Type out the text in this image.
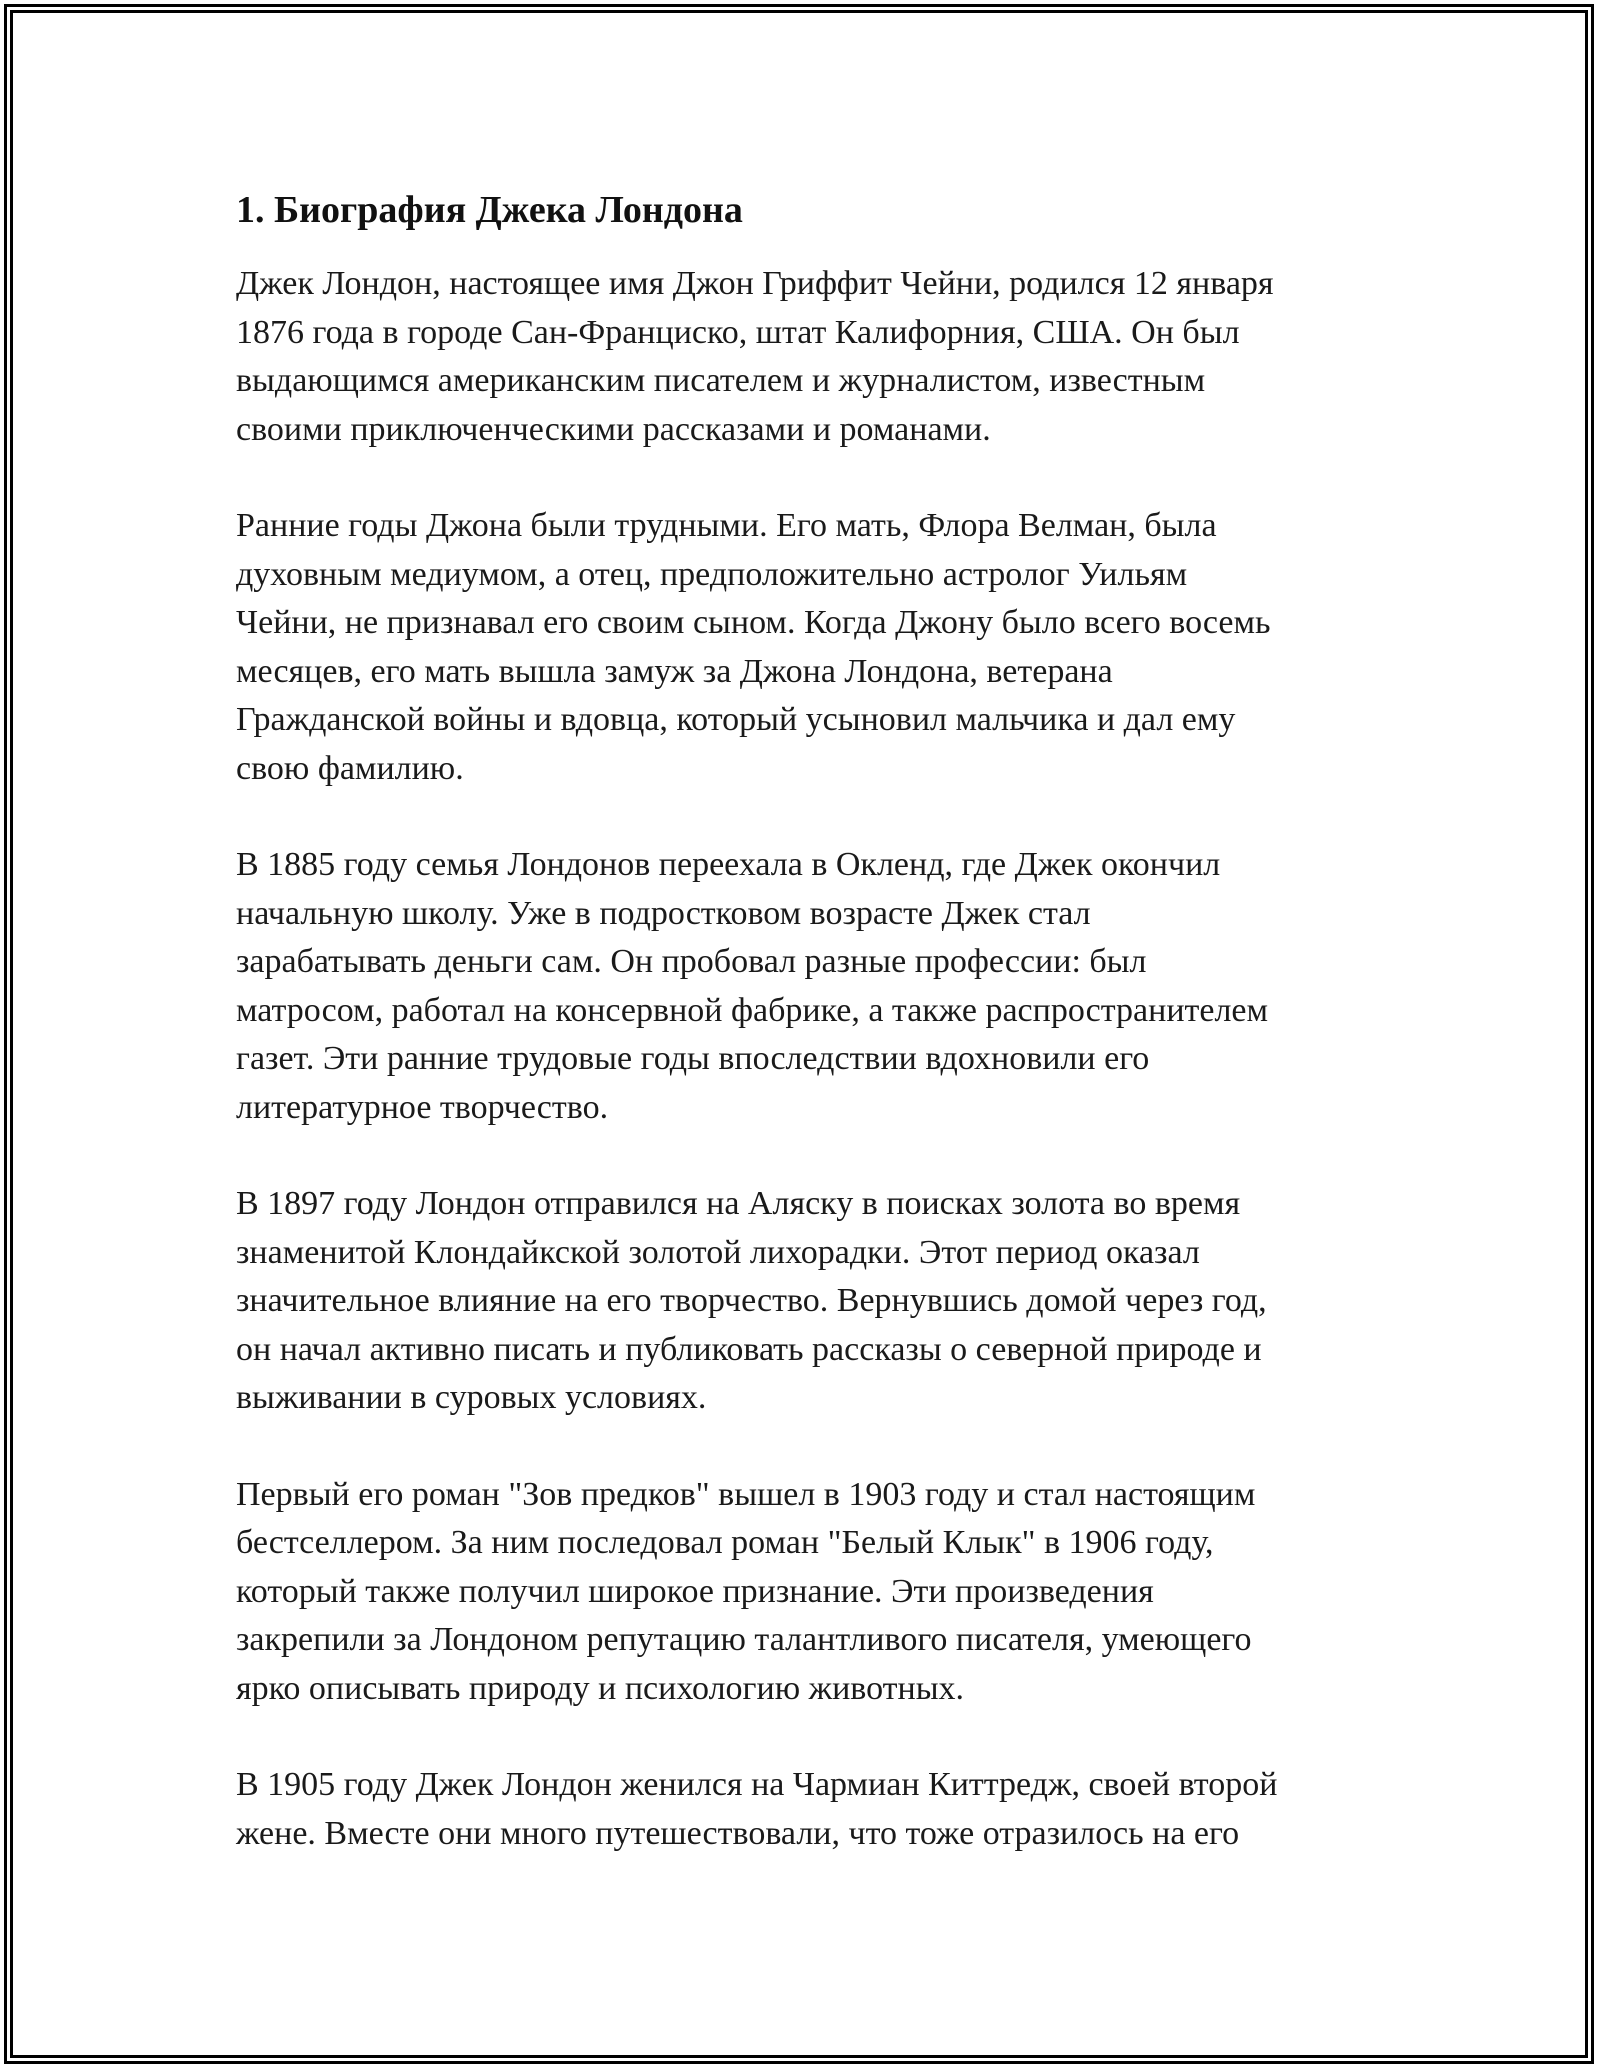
1. Биография Джека Лондона

Джек Лондон, настоящее имя Джон Гриффит Чейни, родился 12 января
1876 года в городе Сан-Франциско, штат Калифорния, США. Он был
выдающимся американским писателем и журналистом, известным
своими приключенческими рассказами и романами.

Ранние годы Джона были трудными. Его мать, Флора Велман, была
духовным медиумом, а отец, предположительно астролог Уильям
Чейни, не признавал его своим сыном. Когда Джону было всего восемь
месяцев, его мать вышла замуж за Джона Лондона, ветерана
Гражданской войны и вдовца, который усыновил мальчика и дал ему
свою фамилию.

В 1885 году семья Лондонов переехала в Окленд, где Джек окончил
начальную школу. Уже в подростковом возрасте Джек стал
зарабатывать деньги сам. Он пробовал разные профессии: был
матросом, работал на консервной фабрике, а также распространителем
газет. Эти ранние трудовые годы впоследствии вдохновили его
литературное творчество.

В 1897 году Лондон отправился на Аляску в поисках золота во время
знаменитой Клондайкской золотой лихорадки. Этот период оказал
значительное влияние на его творчество. Вернувшись домой через год,
он начал активно писать и публиковать рассказы о северной природе и
выживании в суровых условиях.

Первый его роман "Зов предков" вышел в 1903 году и стал настоящим
бестселлером. За ним последовал роман "Белый Клык" в 1906 году,
который также получил широкое признание. Эти произведения
закрепили за Лондоном репутацию талантливого писателя, умеющего
ярко описывать природу и психологию животных.

В 1905 году Джек Лондон женился на Чармиан Киттредж, своей второй
жене. Вместе они много путешествовали, что тоже отразилось на его
